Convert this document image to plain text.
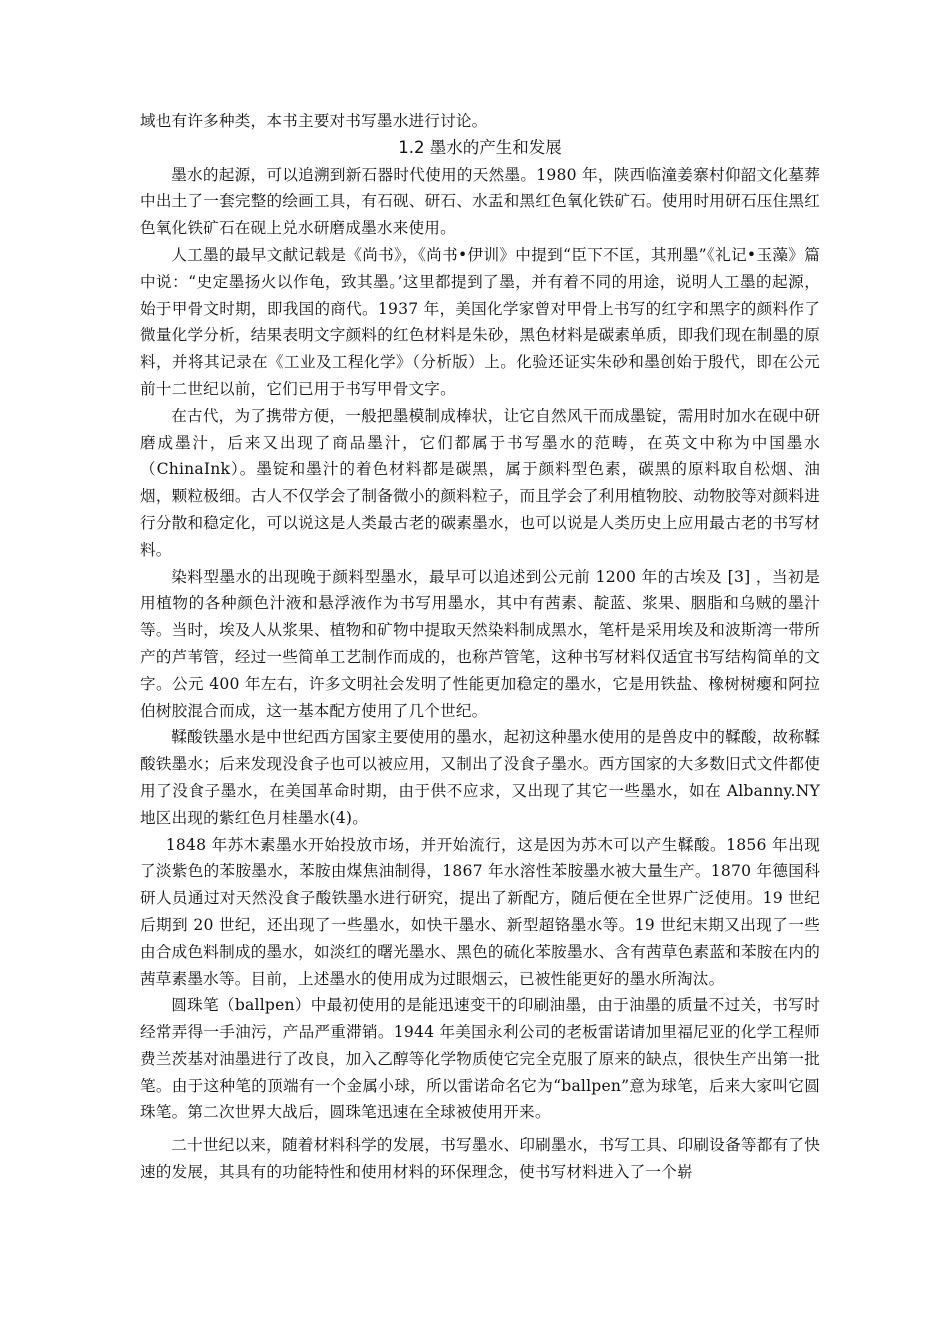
域也有许多种类，本书主要对书写墨水进行讨论。

1.2 墨水的产生和发展

墨水的起源，可以追溯到新石器时代使用的天然墨。1980 年，陕西临潼姜寨村仰韶文化墓葬中出土了一套完整的绘画工具，有石砚、研石、水盂和黑红色氧化铁矿石。使用时用研石压住黑红色氧化铁矿石在砚上兑水研磨成墨水来使用。

人工墨的最早文献记载是《尚书》，《尚书•伊训》中提到“臣下不匡，其刑墨”《礼记•玉藻》篇中说：“史定墨扬火以作龟，致其墨。’这里都提到了墨，并有着不同的用途，说明人工墨的起源，始于甲骨文时期，即我国的商代。1937 年，美国化学家曾对甲骨上书写的红字和黑字的颜料作了微量化学分析，结果表明文字颜料的红色材料是朱砂，黑色材料是碳素单质，即我们现在制墨的原料，并将其记录在《工业及工程化学》（分析版）上。化验还证实朱砂和墨创始于殷代，即在公元前十二世纪以前，它们已用于书写甲骨文字。

在古代，为了携带方便，一般把墨模制成棒状，让它自然风干而成墨锭，需用时加水在砚中研磨成墨汁，后来又出现了商品墨汁，它们都属于书写墨水的范畴，在英文中称为中国墨水（ChinaInk）。墨锭和墨汁的着色材料都是碳黑，属于颜料型色素，碳黑的原料取自松烟、油烟，颗粒极细。古人不仅学会了制备微小的颜料粒子，而且学会了利用植物胶、动物胶等对颜料进行分散和稳定化，可以说这是人类最古老的碳素墨水，也可以说是人类历史上应用最古老的书写材料。

染料型墨水的出现晚于颜料型墨水，最早可以追述到公元前 1200 年的古埃及 [3] ，当初是用植物的各种颜色汁液和悬浮液作为书写用墨水，其中有茜素、靛蓝、浆果、胭脂和乌贼的墨汁等。当时，埃及人从浆果、植物和矿物中提取天然染料制成黑水，笔杆是采用埃及和波斯湾一带所产的芦苇管，经过一些简单工艺制作而成的，也称芦管笔，这种书写材料仅适宜书写结构简单的文字。公元 400 年左右，许多文明社会发明了性能更加稳定的墨水，它是用铁盐、橡树树瘿和阿拉伯树胶混合而成，这一基本配方使用了几个世纪。

鞣酸铁墨水是中世纪西方国家主要使用的墨水，起初这种墨水使用的是兽皮中的鞣酸，故称鞣酸铁墨水；后来发现没食子也可以被应用，又制出了没食子墨水。西方国家的大多数旧式文件都使用了没食子墨水，在美国革命时期，由于供不应求，又出现了其它一些墨水，如在 Albanny.NY 地区出现的紫红色月桂墨水(4)。

1848 年苏木素墨水开始投放市场，并开始流行，这是因为苏木可以产生鞣酸。1856 年出现了淡紫色的苯胺墨水，苯胺由煤焦油制得，1867 年水溶性苯胺墨水被大量生产。1870 年德国科研人员通过对天然没食子酸铁墨水进行研究，提出了新配方，随后便在全世界广泛使用。19 世纪后期到 20 世纪，还出现了一些墨水，如快干墨水、新型超铬墨水等。19 世纪末期又出现了一些由合成色料制成的墨水，如淡红的曙光墨水、黑色的硫化苯胺墨水、含有茜草色素蓝和苯胺在内的茜草素墨水等。目前，上述墨水的使用成为过眼烟云，已被性能更好的墨水所淘汰。

圆珠笔（ballpen）中最初使用的是能迅速变干的印刷油墨，由于油墨的质量不过关，书写时经常弄得一手油污，产品严重滞销。1944 年美国永利公司的老板雷诺请加里福尼亚的化学工程师费兰茨基对油墨进行了改良，加入乙醇等化学物质使它完全克服了原来的缺点，很快生产出第一批笔。由于这种笔的顶端有一个金属小球，所以雷诺命名它为“ballpen”意为球笔，后来大家叫它圆珠笔。第二次世界大战后，圆珠笔迅速在全球被使用开来。

二十世纪以来，随着材料科学的发展，书写墨水、印刷墨水，书写工具、印刷设备等都有了快速的发展，其具有的功能特性和使用材料的环保理念，使书写材料进入了一个崭
